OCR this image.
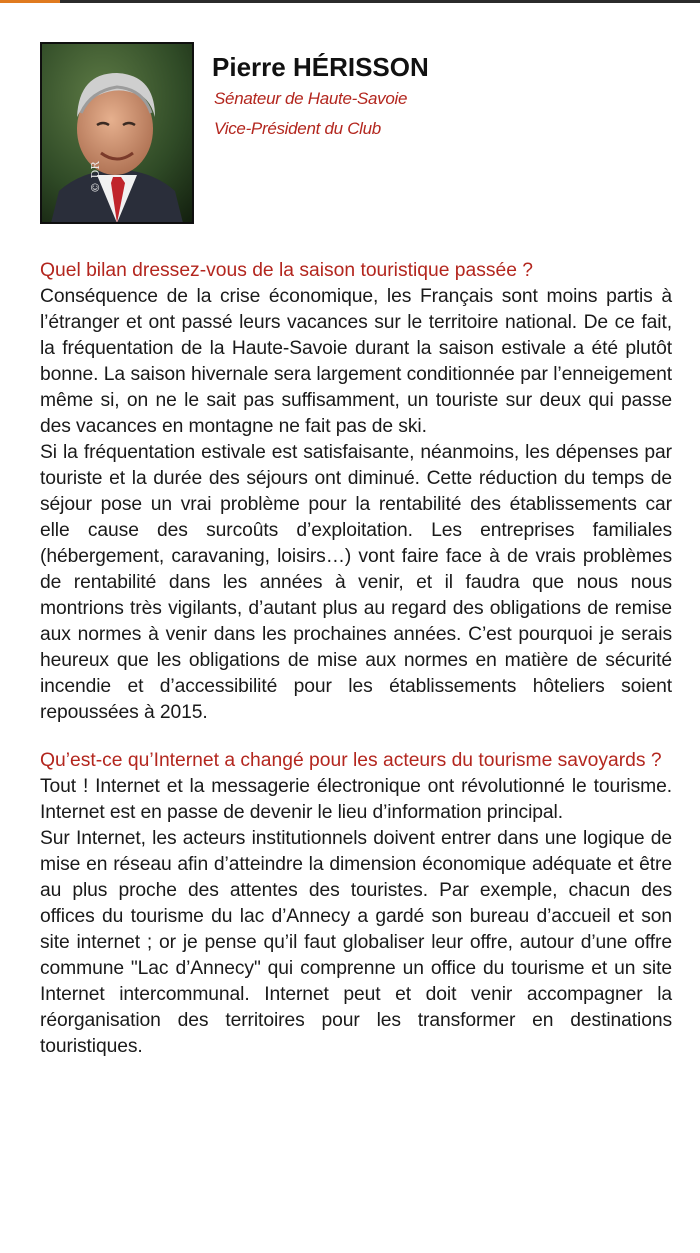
© DR
Pierre HÉRISSON
Sénateur de Haute-Savoie
Vice-Président du Club
Quel bilan dressez-vous de la saison touristique passée ?

Conséquence de la crise économique, les Français sont moins partis à l’étranger et ont passé leurs vacances sur le territoire national. De ce fait, la fréquentation de la Haute-Savoie durant la saison estivale a été plutôt bonne. La saison hivernale sera largement conditionnée par l’enneigement même si, on ne le sait pas suffisamment, un touriste sur deux qui passe des vacances en montagne ne fait pas de ski.

Si la fréquentation estivale est satisfaisante, néanmoins, les dépenses par touriste et la durée des séjours ont diminué. Cette réduction du temps de séjour pose un vrai problème pour la rentabilité des établissements car elle cause des surcoûts d’exploitation. Les entreprises familiales (hébergement, caravaning, loisirs…) vont faire face à de vrais problèmes de rentabilité dans les années à venir, et il faudra que nous nous montrions très vigilants, d’autant plus au regard des obligations de remise aux normes à venir dans les prochaines années. C’est pourquoi je serais heureux que les obligations de mise aux normes en matière de sécurité incendie et d’accessibilité pour les établissements hôteliers soient repoussées à 2015.

Qu’est-ce qu’Internet a changé pour les acteurs du tourisme savoyards ?

Tout ! Internet et la messagerie électronique ont révolutionné le tourisme. Internet est en passe de devenir le lieu d’information principal.

Sur Internet, les acteurs institutionnels doivent entrer dans une logique de mise en réseau afin d’atteindre la dimension économique adéquate et être au plus proche des attentes des touristes. Par exemple, chacun des offices du tourisme du lac d’Annecy a gardé son bureau d’accueil et son site internet ; or je pense qu’il faut globaliser leur offre, autour d’une offre commune "Lac d’Annecy" qui comprenne un office du tourisme et un site Internet intercommunal. Internet peut et doit venir accompagner la réorganisation des territoires pour les transformer en destinations touristiques.
